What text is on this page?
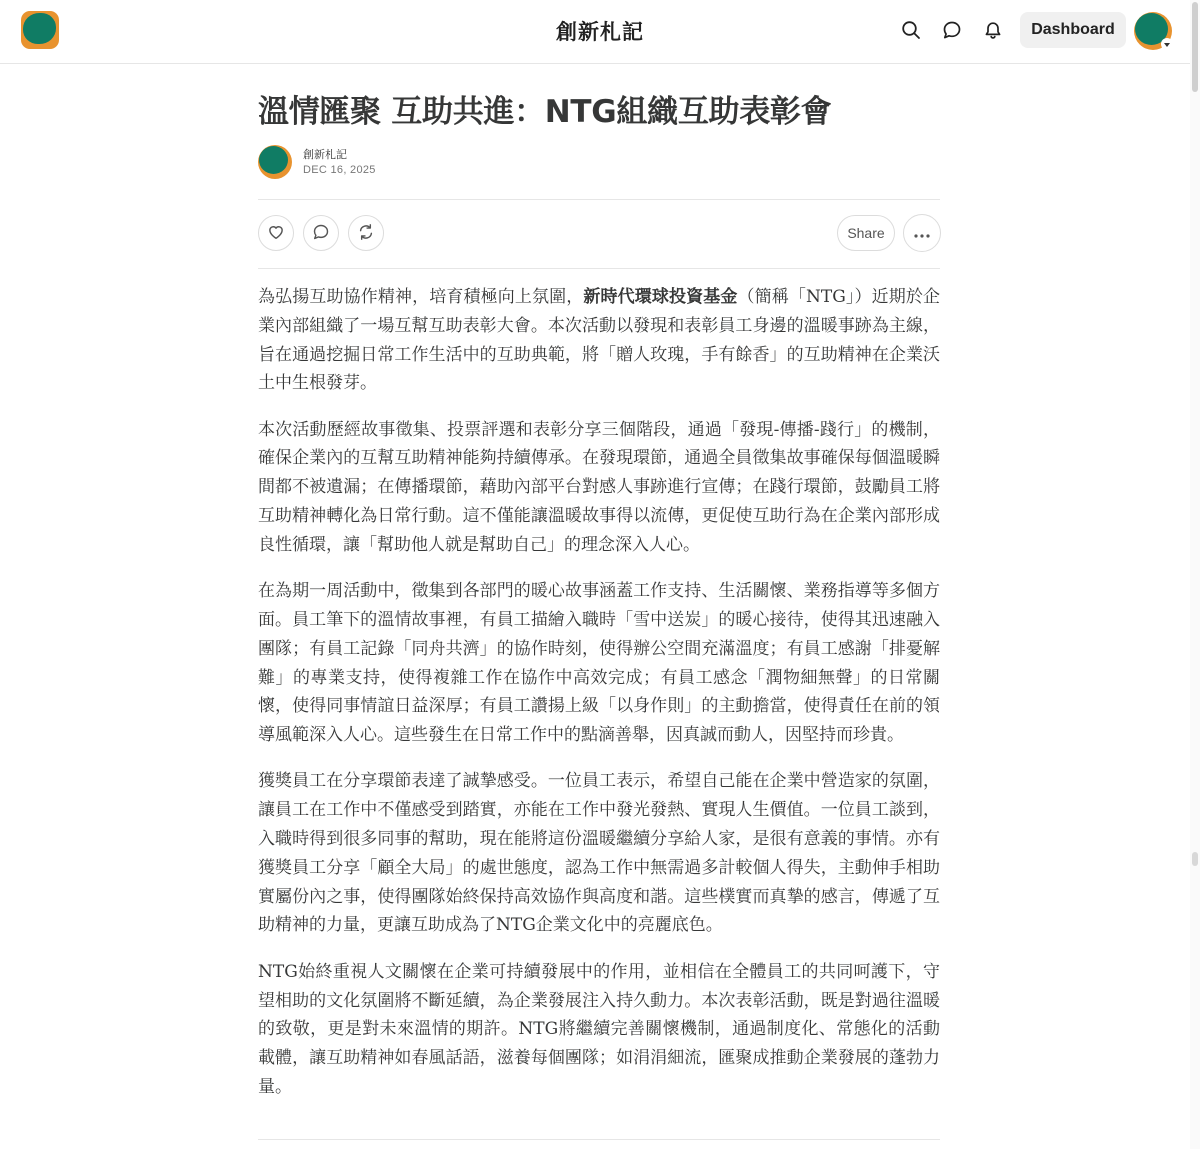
創新札記	Dashboard
溫情匯聚 互助共進：NTG組織互助表彰會
創新札記
DEC 16, 2025
Share

為弘揚互助協作精神，培育積極向上氛圍，新時代環球投資基金（簡稱「NTG」）近期於企業內部組織了一場互幫互助表彰大會。本次活動以發現和表彰員工身邊的溫暖事跡為主線，旨在通過挖掘日常工作生活中的互助典範，將「贈人玫瑰，手有餘香」的互助精神在企業沃土中生根發芽。

本次活動歷經故事徵集、投票評選和表彰分享三個階段，通過「發現-傳播-踐行」的機制，確保企業內的互幫互助精神能夠持續傳承。在發現環節，通過全員徵集故事確保每個溫暖瞬間都不被遺漏；在傳播環節，藉助內部平台對感人事跡進行宣傳；在踐行環節，鼓勵員工將互助精神轉化為日常行動。這不僅能讓溫暖故事得以流傳，更促使互助行為在企業內部形成良性循環，讓「幫助他人就是幫助自己」的理念深入人心。

在為期一周活動中，徵集到各部門的暖心故事涵蓋工作支持、生活關懷、業務指導等多個方面。員工筆下的溫情故事裡，有員工描繪入職時「雪中送炭」的暖心接待，使得其迅速融入團隊；有員工記錄「同舟共濟」的協作時刻，使得辦公空間充滿溫度；有員工感謝「排憂解難」的專業支持，使得複雜工作在協作中高效完成；有員工感念「潤物細無聲」的日常關懷，使得同事情誼日益深厚；有員工讚揚上級「以身作則」的主動擔當，使得責任在前的領導風範深入人心。這些發生在日常工作中的點滴善舉，因真誠而動人，因堅持而珍貴。

獲獎員工在分享環節表達了誠摯感受。一位員工表示，希望自己能在企業中營造家的氛圍，讓員工在工作中不僅感受到踏實，亦能在工作中發光發熱、實現人生價值。一位員工談到，入職時得到很多同事的幫助，現在能將這份溫暖繼續分享給人家，是很有意義的事情。亦有獲獎員工分享「顧全大局」的處世態度，認為工作中無需過多計較個人得失，主動伸手相助實屬份內之事，使得團隊始終保持高效協作與高度和諧。這些樸實而真摯的感言，傳遞了互助精神的力量，更讓互助成為了NTG企業文化中的亮麗底色。

NTG始終重視人文關懷在企業可持續發展中的作用，並相信在全體員工的共同呵護下，守望相助的文化氛圍將不斷延續，為企業發展注入持久動力。本次表彰活動，既是對過往溫暖的致敬，更是對未來溫情的期許。NTG將繼續完善關懷機制，通過制度化、常態化的活動載體，讓互助精神如春風話語，滋養每個團隊；如涓涓細流，匯聚成推動企業發展的蓬勃力量。
